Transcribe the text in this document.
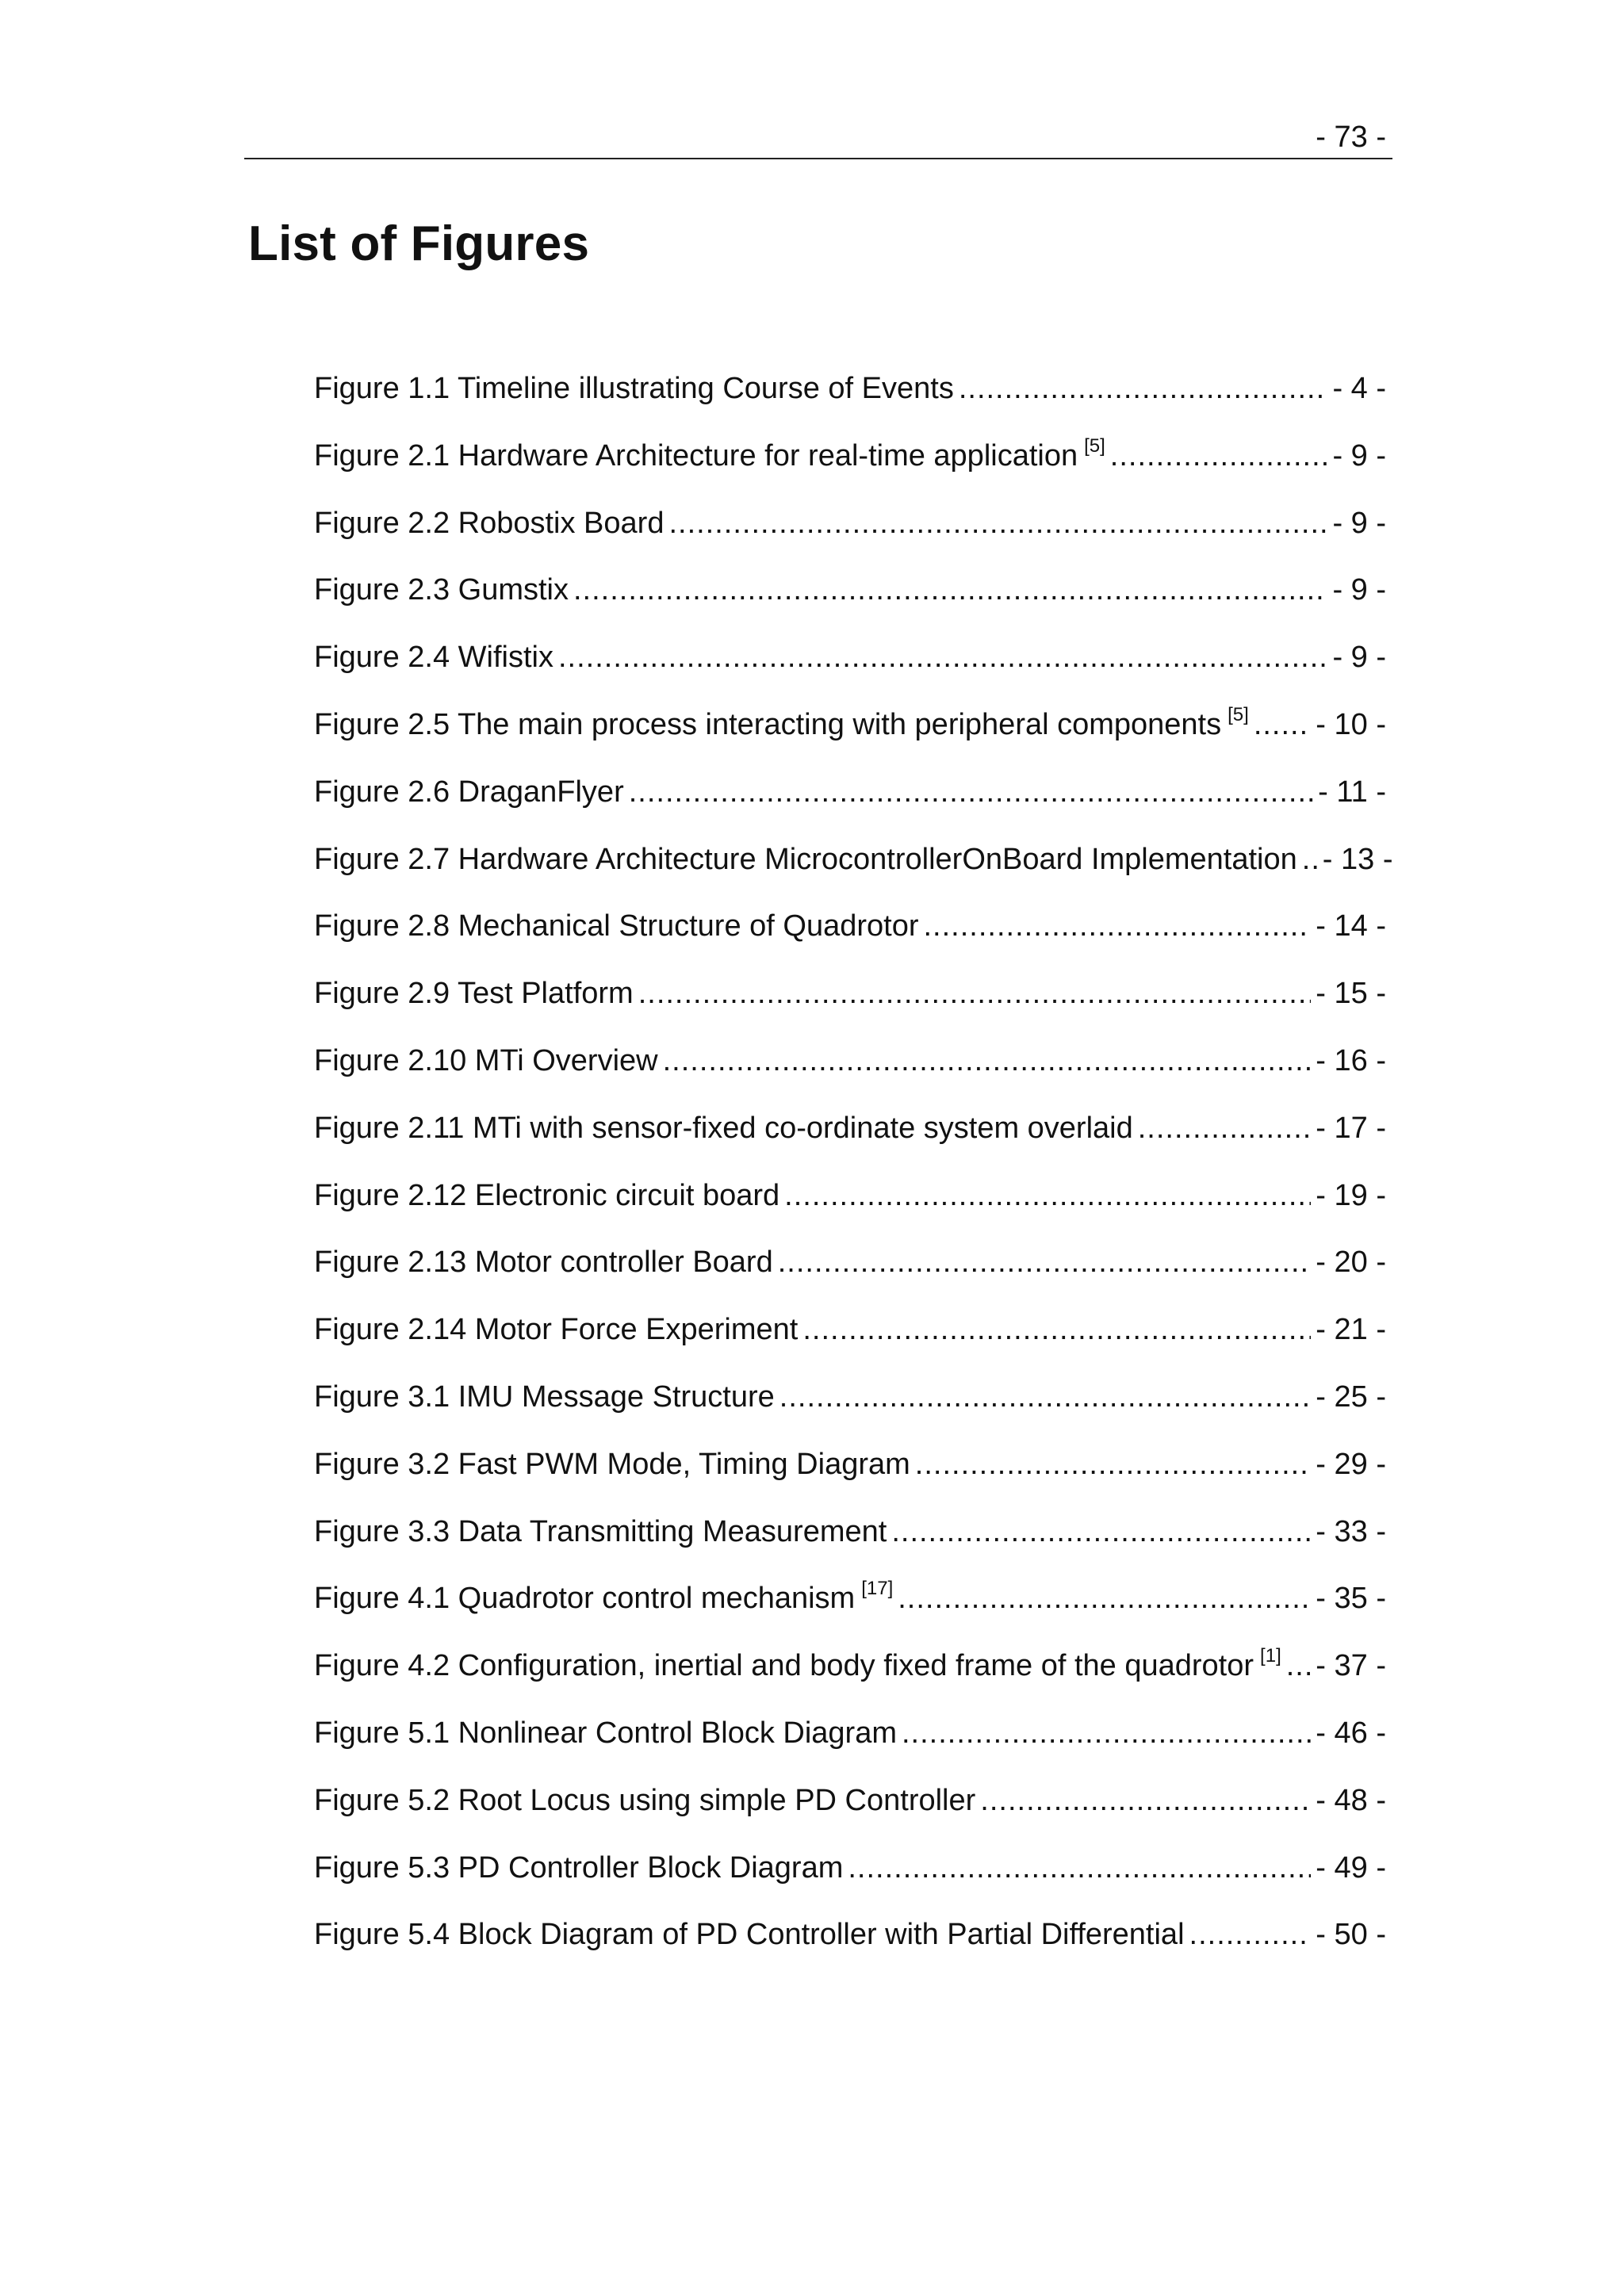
- 73 -
List of Figures
Figure 1.1 Timeline illustrating Course of Events .....	- 4 -
Figure 2.1 Hardware Architecture for real-time application [5] .....	- 9 -
Figure 2.2 Robostix Board .....	- 9 -
Figure 2.3 Gumstix .....	- 9 -
Figure 2.4 Wifistix .....	- 9 -
Figure 2.5 The main process interacting with peripheral components [5] ..... - 10 -
Figure 2.6 DraganFlyer .....	- 11 -
Figure 2.7 Hardware Architecture MicrocontrollerOnBoard Implementation ..... - 13 -
Figure 2.8 Mechanical Structure of Quadrotor .....	- 14 -
Figure 2.9 Test Platform .....	- 15 -
Figure 2.10 MTi Overview .....	- 16 -
Figure 2.11 MTi with sensor-fixed co-ordinate system overlaid .....	- 17 -
Figure 2.12 Electronic circuit board .....	- 19 -
Figure 2.13 Motor controller Board .....	- 20 -
Figure 2.14 Motor Force Experiment .....	- 21 -
Figure 3.1 IMU Message Structure .....	- 25 -
Figure 3.2 Fast PWM Mode, Timing Diagram .....	- 29 -
Figure 3.3 Data Transmitting Measurement .....	- 33 -
Figure 4.1 Quadrotor control mechanism [17] .....	- 35 -
Figure 4.2 Configuration, inertial and body fixed frame of the quadrotor [1] ..... - 37 -
Figure 5.1 Nonlinear Control Block Diagram .....	- 46 -
Figure 5.2 Root Locus using simple PD Controller .....	- 48 -
Figure 5.3 PD Controller Block Diagram .....	- 49 -
Figure 5.4 Block Diagram of PD Controller with Partial Differential .....	- 50 -
